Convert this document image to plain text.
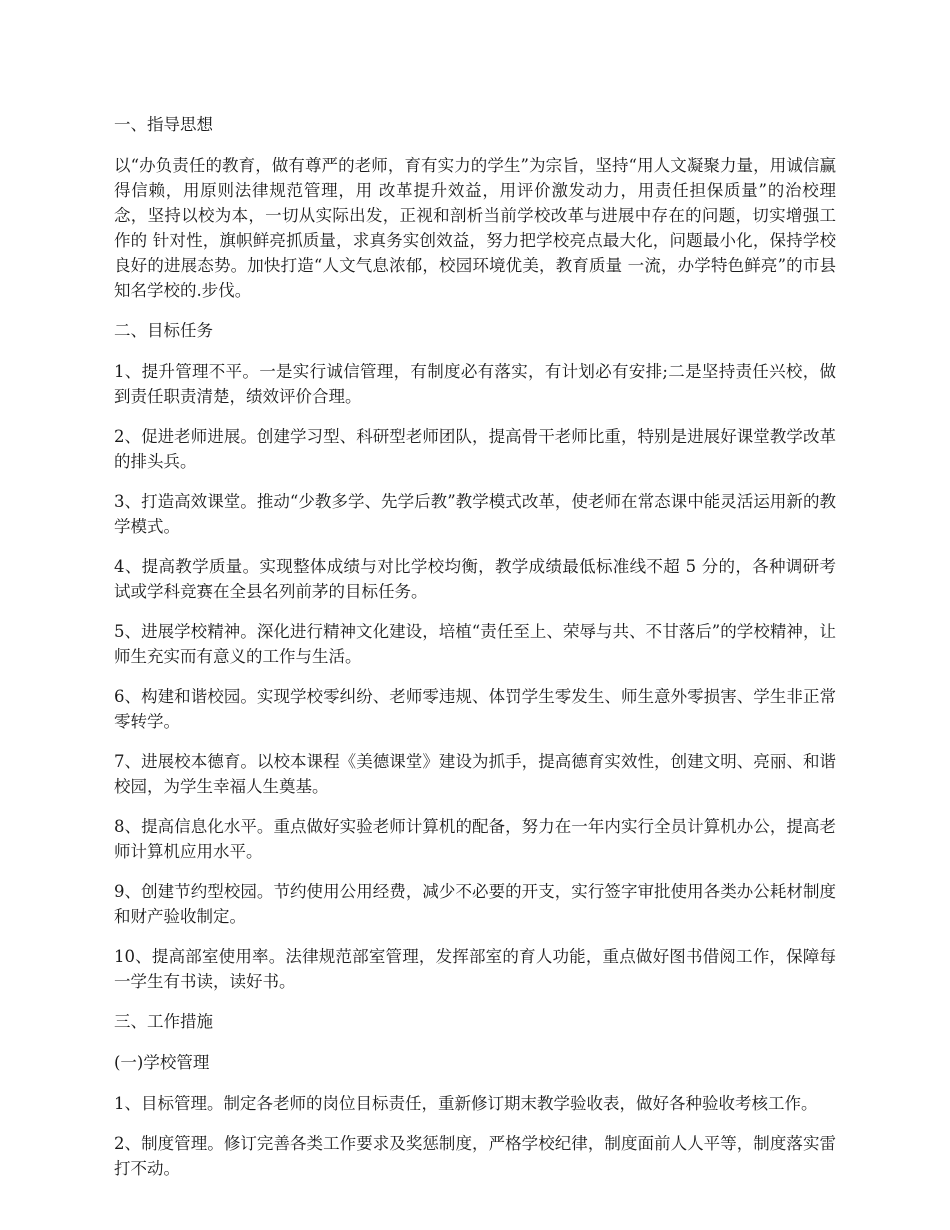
一、指导思想
以“办负责任的教育，做有尊严的老师，育有实力的学生”为宗旨，坚持“用人文凝聚力量，用诚信赢得信赖，用原则法律规范管理，用 改革提升效益，用评价激发动力，用责任担保质量”的治校理念，坚持以校为本，一切从实际出发，正视和剖析当前学校改革与进展中存在的问题，切实增强工作的 针对性，旗帜鲜亮抓质量，求真务实创效益，努力把学校亮点最大化，问题最小化，保持学校良好的进展态势。加快打造“人文气息浓郁，校园环境优美，教育质量 一流，办学特色鲜亮”的市县知名学校的.步伐。
二、目标任务
1、提升管理不平。一是实行诚信管理，有制度必有落实，有计划必有安排;二是坚持责任兴校，做到责任职责清楚，绩效评价合理。
2、促进老师进展。创建学习型、科研型老师团队，提高骨干老师比重，特别是进展好课堂教学改革的排头兵。
3、打造高效课堂。推动“少教多学、先学后教”教学模式改革，使老师在常态课中能灵活运用新的教学模式。
4、提高教学质量。实现整体成绩与对比学校均衡，教学成绩最低标准线不超 5 分的，各种调研考试或学科竞赛在全县名列前茅的目标任务。
5、进展学校精神。深化进行精神文化建设，培植“责任至上、荣辱与共、不甘落后”的学校精神，让师生充实而有意义的工作与生活。
6、构建和谐校园。实现学校零纠纷、老师零违规、体罚学生零发生、师生意外零损害、学生非正常零转学。
7、进展校本德育。以校本课程《美德课堂》建设为抓手，提高德育实效性，创建文明、亮丽、和谐校园，为学生幸福人生奠基。
8、提高信息化水平。重点做好实验老师计算机的配备，努力在一年内实行全员计算机办公，提高老师计算机应用水平。
9、创建节约型校园。节约使用公用经费，减少不必要的开支，实行签字审批使用各类办公耗材制度和财产验收制定。
10、提高部室使用率。法律规范部室管理，发挥部室的育人功能，重点做好图书借阅工作，保障每一学生有书读，读好书。
三、工作措施
(一)学校管理
1、目标管理。制定各老师的岗位目标责任，重新修订期末教学验收表，做好各种验收考核工作。
2、制度管理。修订完善各类工作要求及奖惩制度，严格学校纪律，制度面前人人平等，制度落实雷打不动。
